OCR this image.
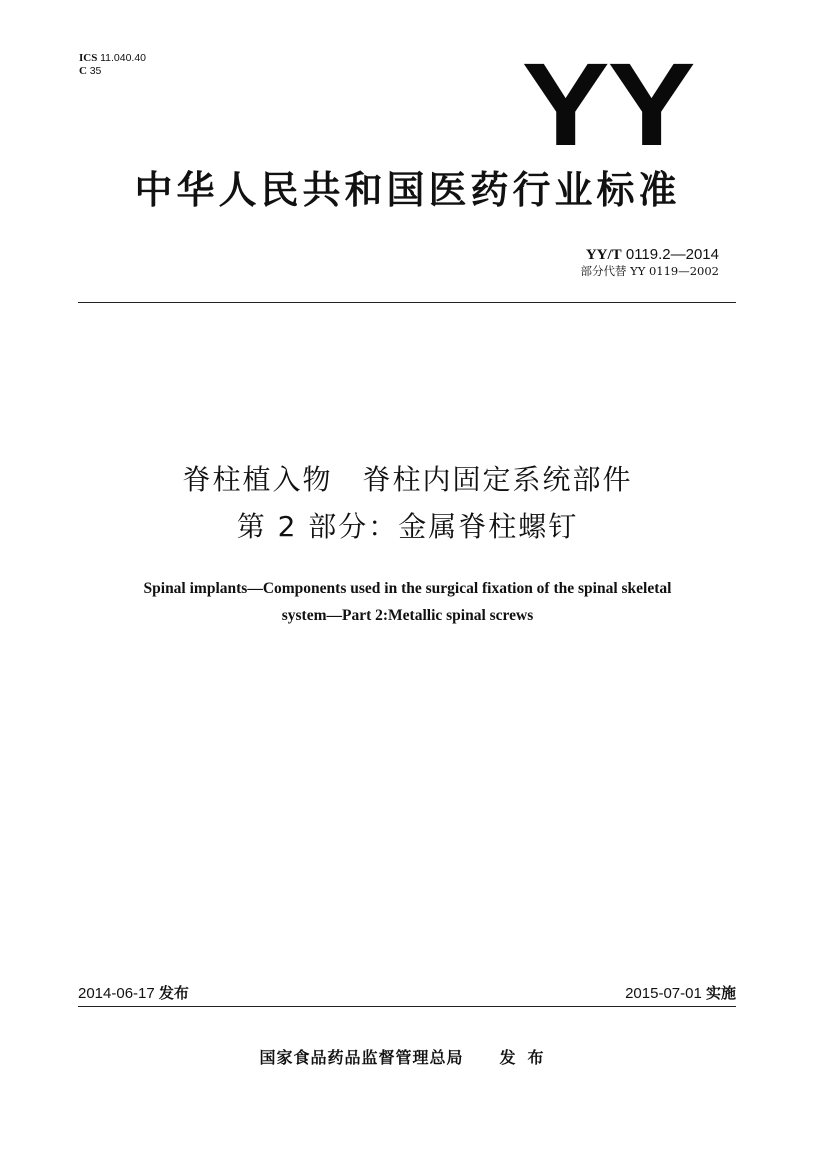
ICS 11.040.40
C 35	YY
中华人民共和国医药行业标准
YY/T 0119.2—2014
部分代替 YY 0119—2002
脊柱植入物　脊柱内固定系统部件
第 2 部分：金属脊柱螺钉
Spinal implants—Components used in the surgical fixation of the spinal skeletal
system—Part 2:Metallic spinal screws
2014-06-17 发布	2015-07-01 实施
国家食品药品监督管理总局 发布
